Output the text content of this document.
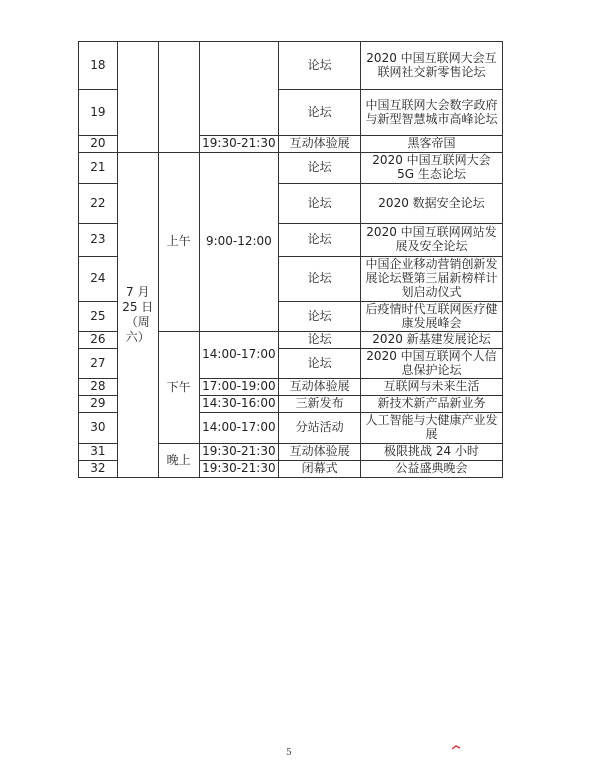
18				论坛	2020 中国互联网大会互联网社交新零售论坛
19				论坛	中国互联网大会数字政府与新型智慧城市高峰论坛
20			19:30-21:30	互动体验展	黑客帝国
21	7 月 25 日（周六）	上午	9:00-12:00	论坛	2020 中国互联网大会 5G 生态论坛
22				论坛	2020 数据安全论坛
23				论坛	2020 中国互联网网站发展及安全论坛
24				论坛	中国企业移动营销创新发展论坛暨第三届新榜样计划启动仪式
25				论坛	后疫情时代互联网医疗健康发展峰会
26		下午	14:00-17:00	论坛	2020 新基建发展论坛
27				论坛	2020 中国互联网个人信息保护论坛
28			17:00-19:00	互动体验展	互联网与未来生活
29			14:30-16:00	三新发布	新技术新产品新业务
30			14:00-17:00	分站活动	人工智能与大健康产业发展
31		晚上	19:30-21:30	互动体验展	极限挑战 24 小时
32			19:30-21:30	闭幕式	公益盛典晚会
5
